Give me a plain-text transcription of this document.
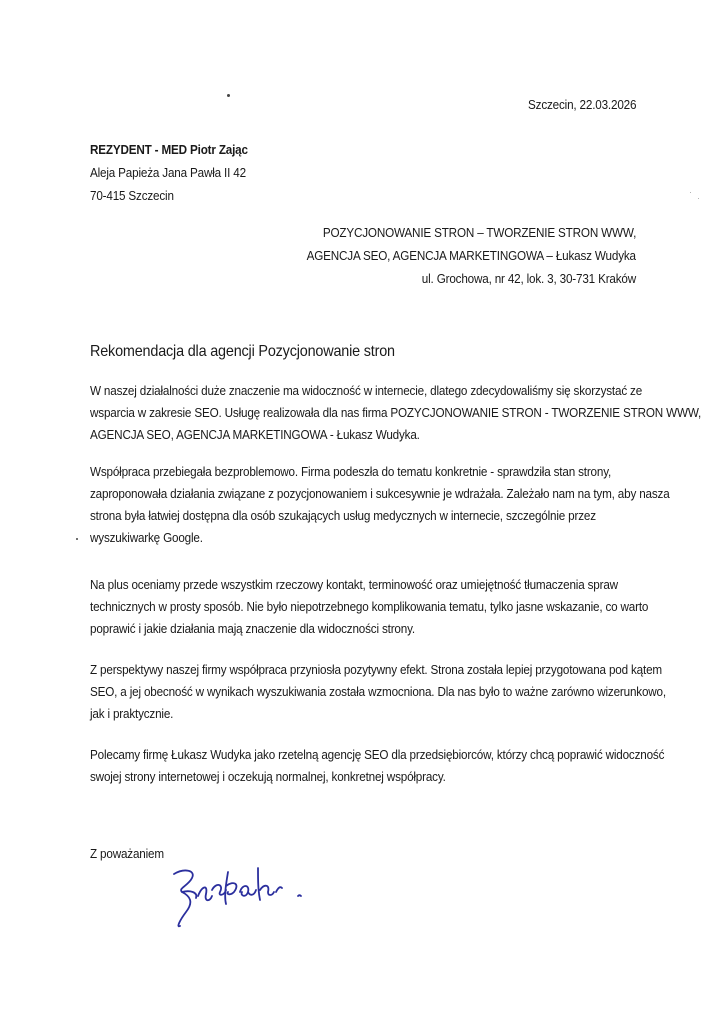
Szczecin, 22.03.2026
REZYDENT - MED Piotr Zając
Aleja Papieża Jana Pawła II 42
70-415 Szczecin
POZYCJONOWANIE STRON – TWORZENIE STRON WWW,
AGENCJA SEO, AGENCJA MARKETINGOWA – Łukasz Wudyka
ul. Grochowa, nr 42, lok. 3, 30-731 Kraków
Rekomendacja dla agencji Pozycjonowanie stron
W naszej działalności duże znaczenie ma widoczność w internecie, dlatego zdecydowaliśmy się skorzystać ze
wsparcia w zakresie SEO. Usługę realizowała dla nas firma POZYCJONOWANIE STRON - TWORZENIE STRON WWW,
AGENCJA SEO, AGENCJA MARKETINGOWA - Łukasz Wudyka.
Współpraca przebiegała bezproblemowo. Firma podeszła do tematu konkretnie - sprawdziła stan strony,
zaproponowała działania związane z pozycjonowaniem i sukcesywnie je wdrażała. Zależało nam na tym, aby nasza
strona była łatwiej dostępna dla osób szukających usług medycznych w internecie, szczególnie przez
wyszukiwarkę Google.
Na plus oceniamy przede wszystkim rzeczowy kontakt, terminowość oraz umiejętność tłumaczenia spraw
technicznych w prosty sposób. Nie było niepotrzebnego komplikowania tematu, tylko jasne wskazanie, co warto
poprawić i jakie działania mają znaczenie dla widoczności strony.
Z perspektywy naszej firmy współpraca przyniosła pozytywny efekt. Strona została lepiej przygotowana pod kątem
SEO, a jej obecność w wynikach wyszukiwania została wzmocniona. Dla nas było to ważne zarówno wizerunkowo,
jak i praktycznie.
Polecamy firmę Łukasz Wudyka jako rzetelną agencję SEO dla przedsiębiorców, którzy chcą poprawić widoczność
swojej strony internetowej i oczekują normalnej, konkretnej współpracy.
Z poważaniem
